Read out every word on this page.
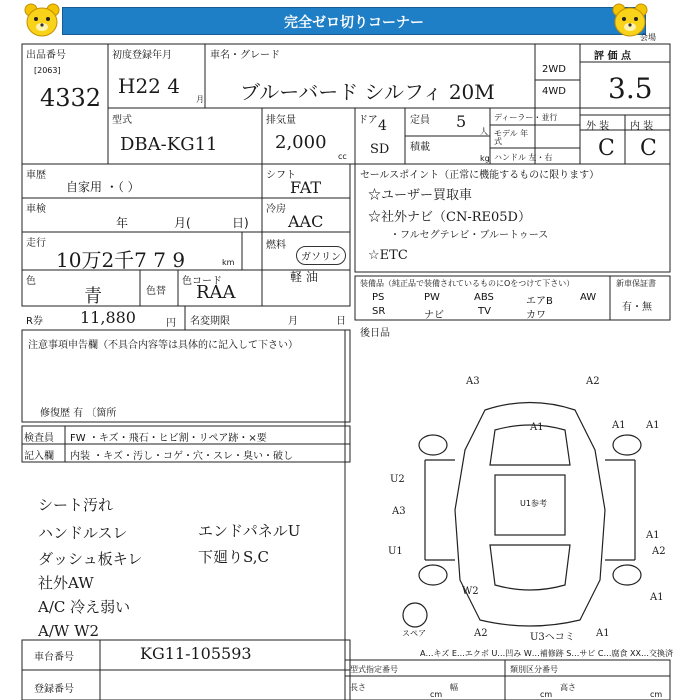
完全ゼロ切りコーナー
出品番号
[2063]
4332
初度登録年月
H22 4
月
車名・グレード
ブルーバード シルフィ 20M
2WD
4WD
評 価 点
3.5
会場
型式
DBA-KG11
排気量
2,000
cc
ドア 4
SD
定員 5
人
積載
kg
ディーラー・並行
モデル 年式
ハンドル 左・右
外 装 内 装
C C
車歴
自家用 ・（ ）
車検
年	月(	日)
走行
10万2千7 7 9	km
色
青	色替
色コード
RAA
R券 11,880	円 名変期限	月	日
注意事項申告欄（不具合内容等は具体的に記入して下さい）
修復歴 有 〔箇所
検査員
記入欄
FW ・キズ・飛石・ヒビ割・リペア跡・×要
内装 ・キズ・汚し・コゲ・穴・スレ・臭い・破し
シート汚れ
ハンドルスレ
ダッシュ板キレ
社外AW
A/C 冷え弱い
A/W W2
エンドパネルU
下廻りS,C
車台番号	KG11-105593
登録番号
シフト
FAT
冷房
AAC
燃料
ガソリン
軽 油
セールスポイント（正常に機能するものに限ります）
☆ユーザー買取車
☆社外ナビ（CN-RE05D）
・フルセグテレビ・ブルートゥース
☆ETC
装備品（純正品で装備されているものにOをつけて下さい）
PS	PW	ABS	エアB	AW
SR	ナビ	TV	カワ
新車保証書
有・無
後日品
A3	A2
A1	A1 A1
U2
A3
U1	A2
A1
W2
A2	U3ヘコミ A1
A1
U1参考
スペア
A…キズ E…エクボ U…凹み W…補修跡 S…サビ C…腐食 XX…交換済
型式指定番号	類別区分番号
長さ	幅	高さ
cm	cm	cm
